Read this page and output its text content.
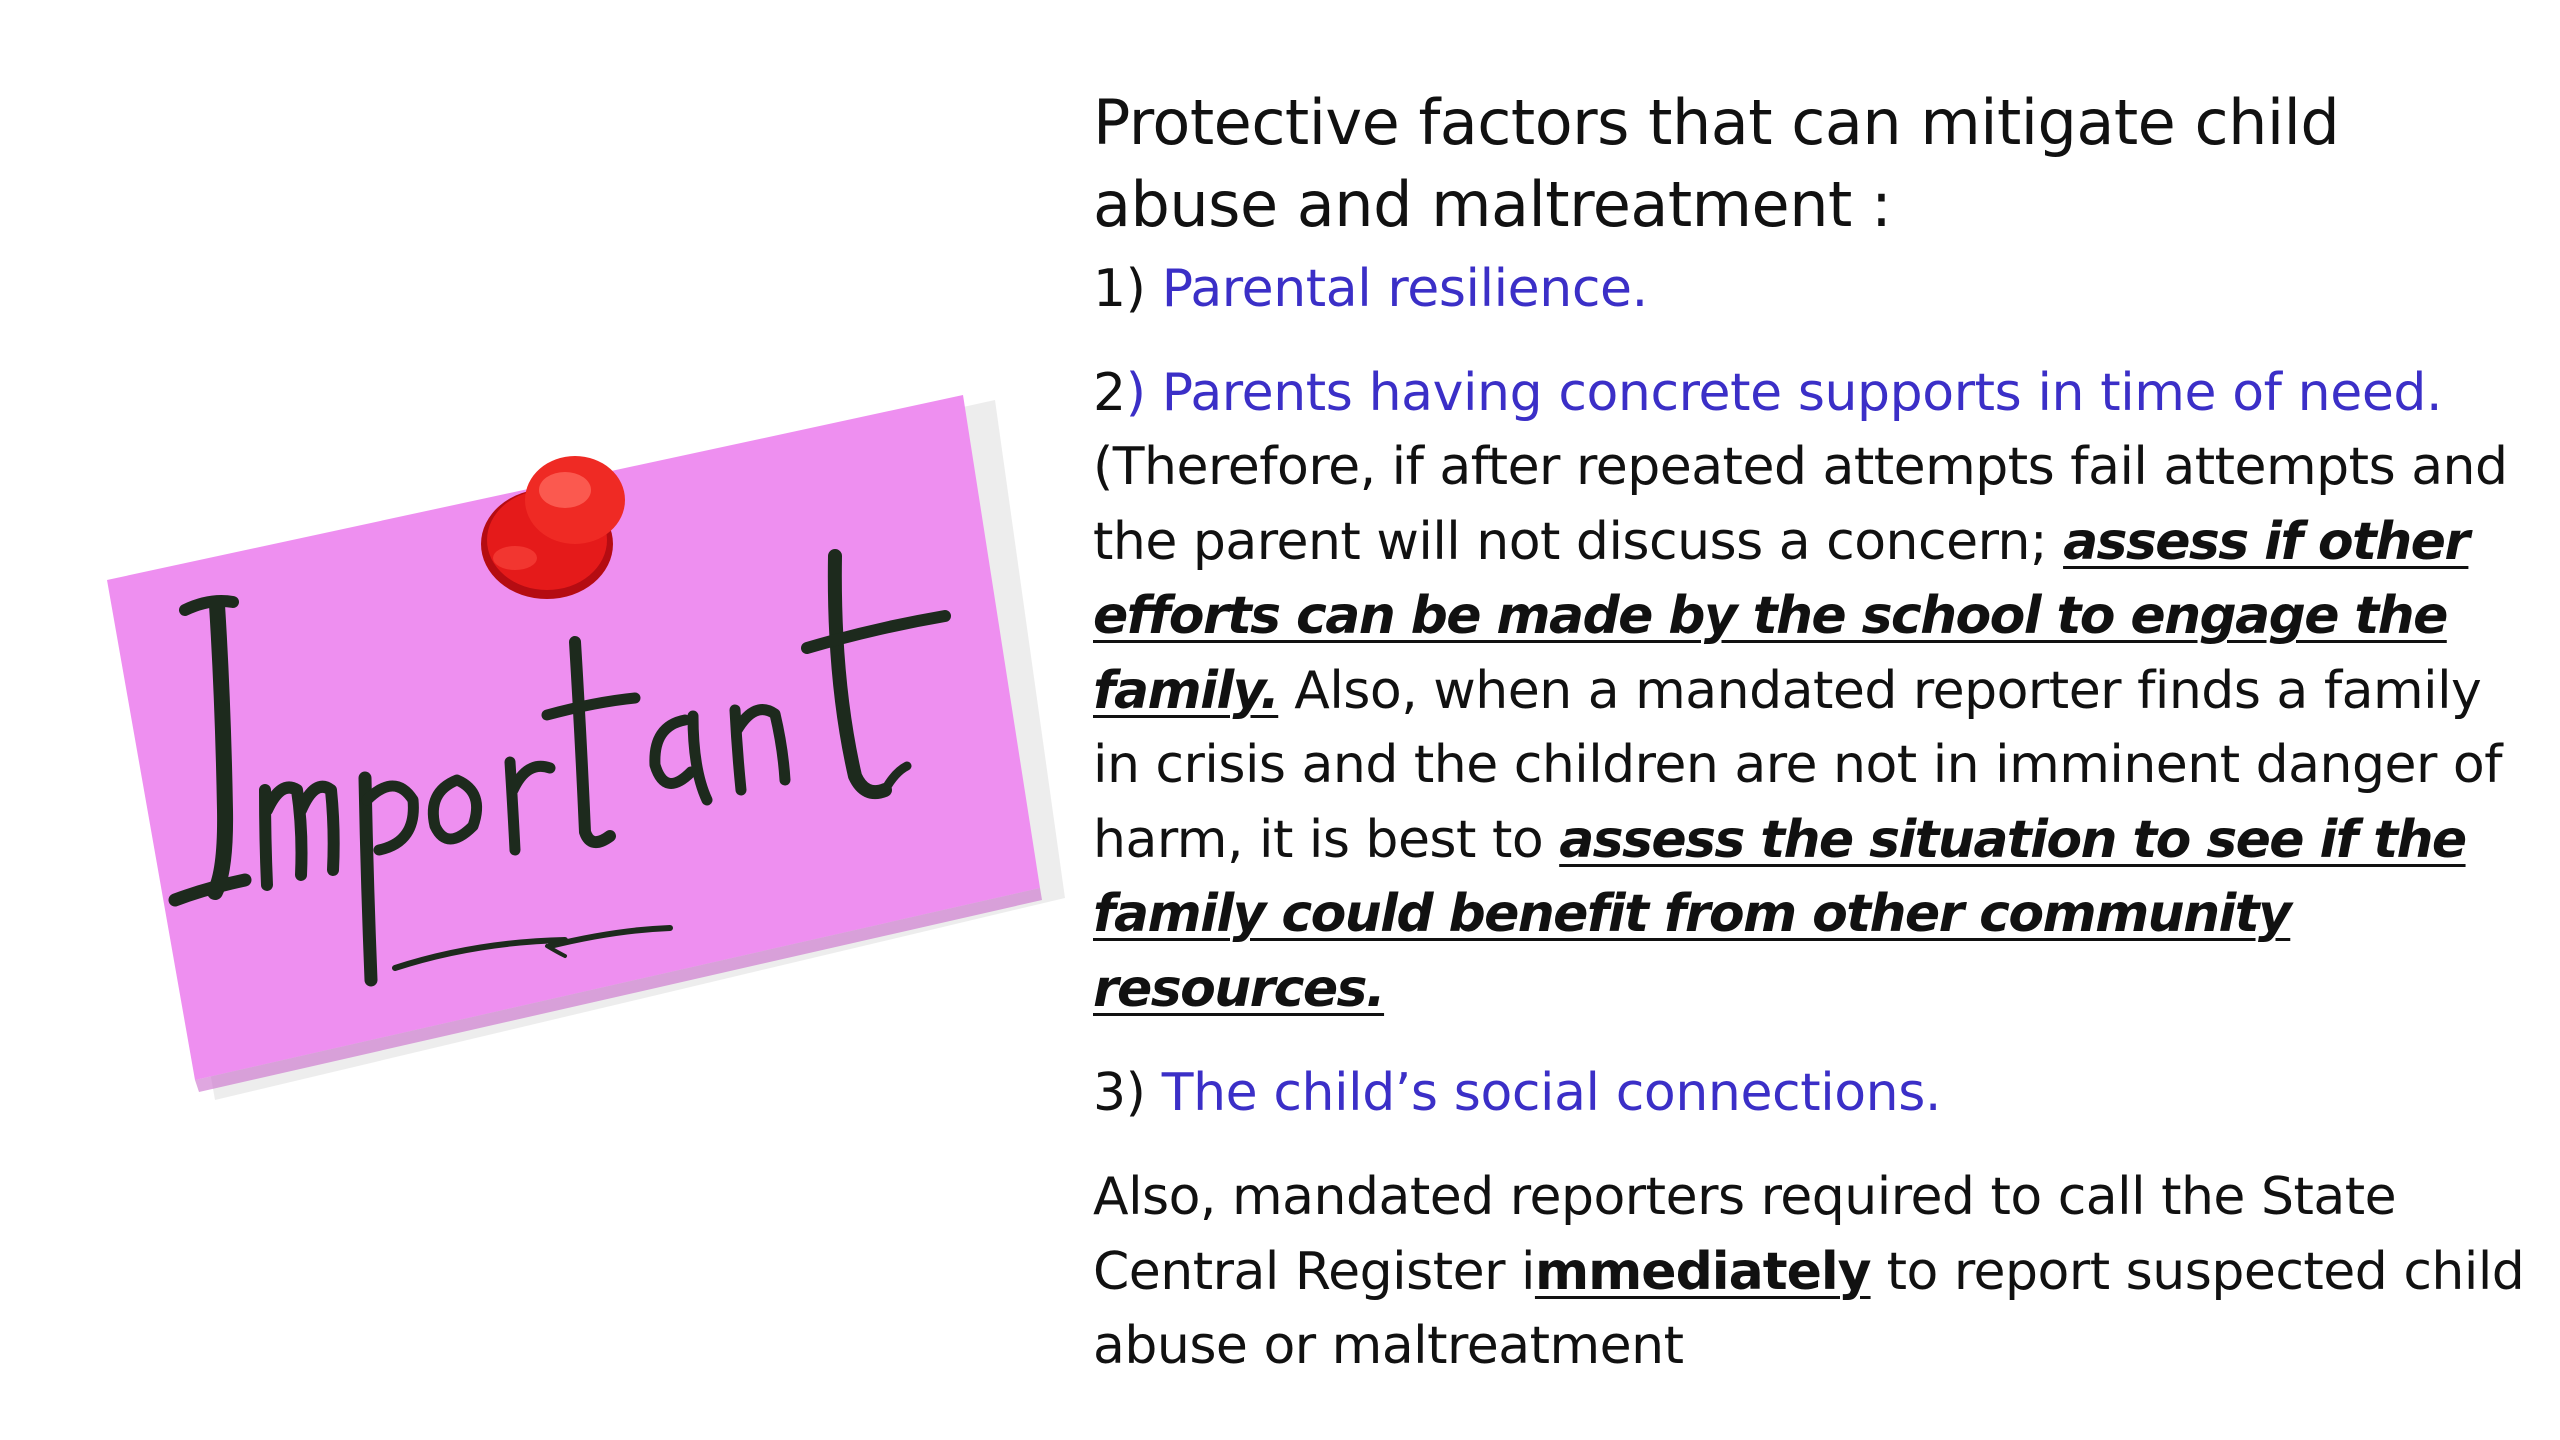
Protective factors that can mitigate child abuse and maltreatment :

1) Parental resilience.

2) Parents having concrete supports in time of need.

(Therefore, if after repeated attempts fail attempts and the parent will not discuss a concern; assess if other efforts can be made by the school to engage the family. Also, when a mandated reporter finds a family in crisis and the children are not in imminent danger of harm, it is best to assess the situation to see if the family could benefit from other community resources.

3) The child’s social connections.

Also, mandated reporters required to call the State Central Register immediately to report suspected child abuse or maltreatment
